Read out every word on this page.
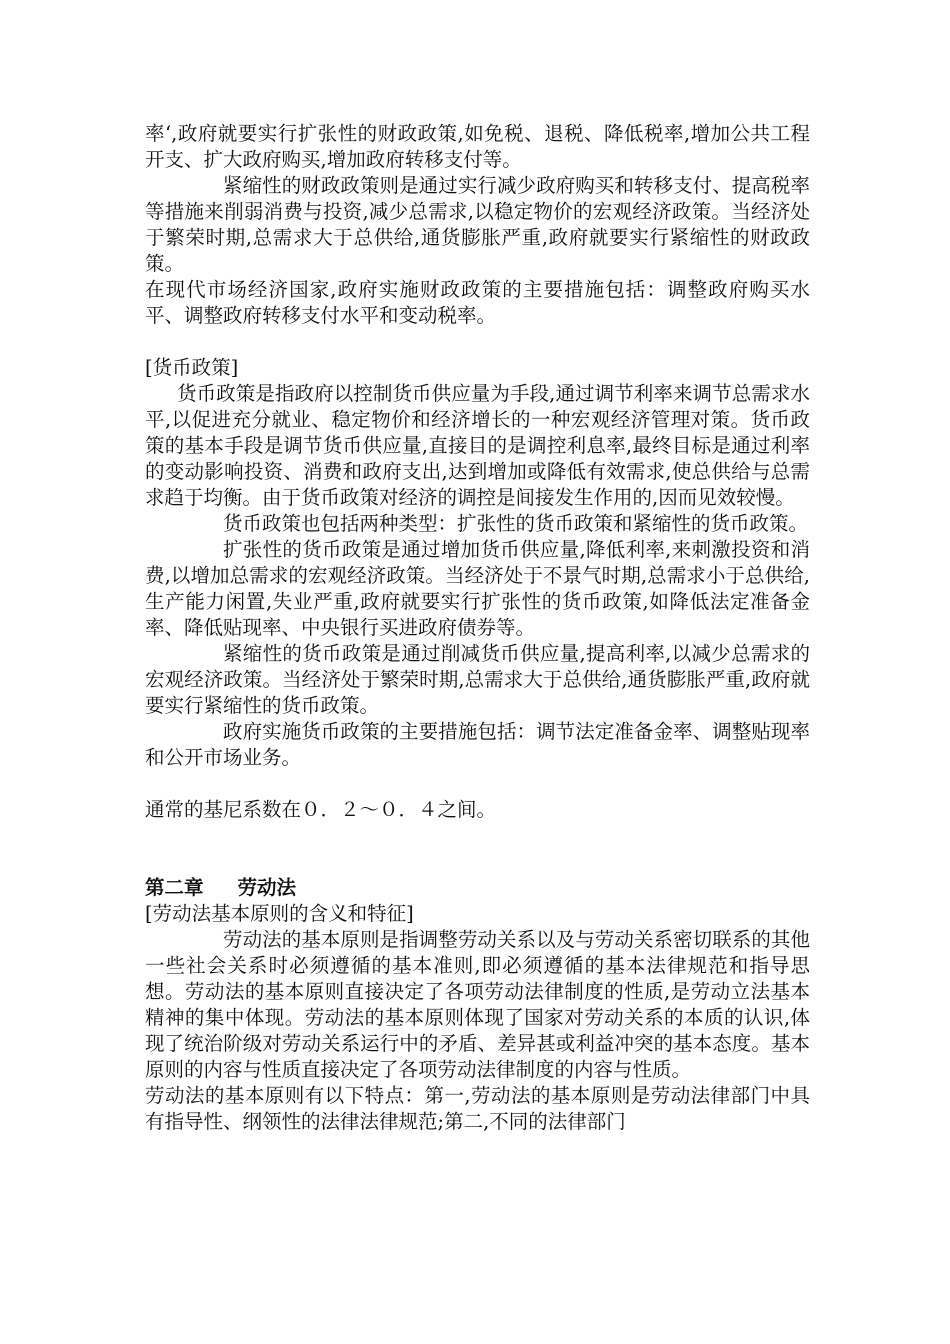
率‘,政府就要实行扩张性的财政政策,如免税、退税、降低税率,增加公共工程开支、扩大政府购买,增加政府转移支付等。

紧缩性的财政政策则是通过实行减少政府购买和转移支付、提高税率等措施来削弱消费与投资,减少总需求,以稳定物价的宏观经济政策。当经济处于繁荣时期,总需求大于总供给,通货膨胀严重,政府就要实行紧缩性的财政政策。

在现代市场经济国家,政府实施财政政策的主要措施包括：调整政府购买水平、调整政府转移支付水平和变动税率。

[货币政策]

货币政策是指政府以控制货币供应量为手段,通过调节利率来调节总需求水平,以促进充分就业、稳定物价和经济增长的一种宏观经济管理对策。货币政策的基本手段是调节货币供应量,直接目的是调控利息率,最终目标是通过利率的变动影响投资、消费和政府支出,达到增加或降低有效需求,使总供给与总需求趋于均衡。由于货币政策对经济的调控是间接发生作用的,因而见效较慢。

货币政策也包括两种类型：扩张性的货币政策和紧缩性的货币政策。

扩张性的货币政策是通过增加货币供应量,降低利率,来刺激投资和消费,以增加总需求的宏观经济政策。当经济处于不景气时期,总需求小于总供给,生产能力闲置,失业严重,政府就要实行扩张性的货币政策,如降低法定准备金率、降低贴现率、中央银行买进政府债券等。

紧缩性的货币政策是通过削减货币供应量,提高利率,以减少总需求的宏观经济政策。当经济处于繁荣时期,总需求大于总供给,通货膨胀严重,政府就要实行紧缩性的货币政策。

政府实施货币政策的主要措施包括：调节法定准备金率、调整贴现率和公开市场业务。

通常的基尼系数在０．２～０．４之间。

第二章 劳动法

[劳动法基本原则的含义和特征]

劳动法的基本原则是指调整劳动关系以及与劳动关系密切联系的其他一些社会关系时必须遵循的基本准则,即必须遵循的基本法律规范和指导思想。劳动法的基本原则直接决定了各项劳动法律制度的性质,是劳动立法基本精神的集中体现。劳动法的基本原则体现了国家对劳动关系的本质的认识,体现了统治阶级对劳动关系运行中的矛盾、差异甚或利益冲突的基本态度。基本原则的内容与性质直接决定了各项劳动法律制度的内容与性质。

劳动法的基本原则有以下特点：第一,劳动法的基本原则是劳动法律部门中具有指导性、纲领性的法律法律规范;第二,不同的法律部门
